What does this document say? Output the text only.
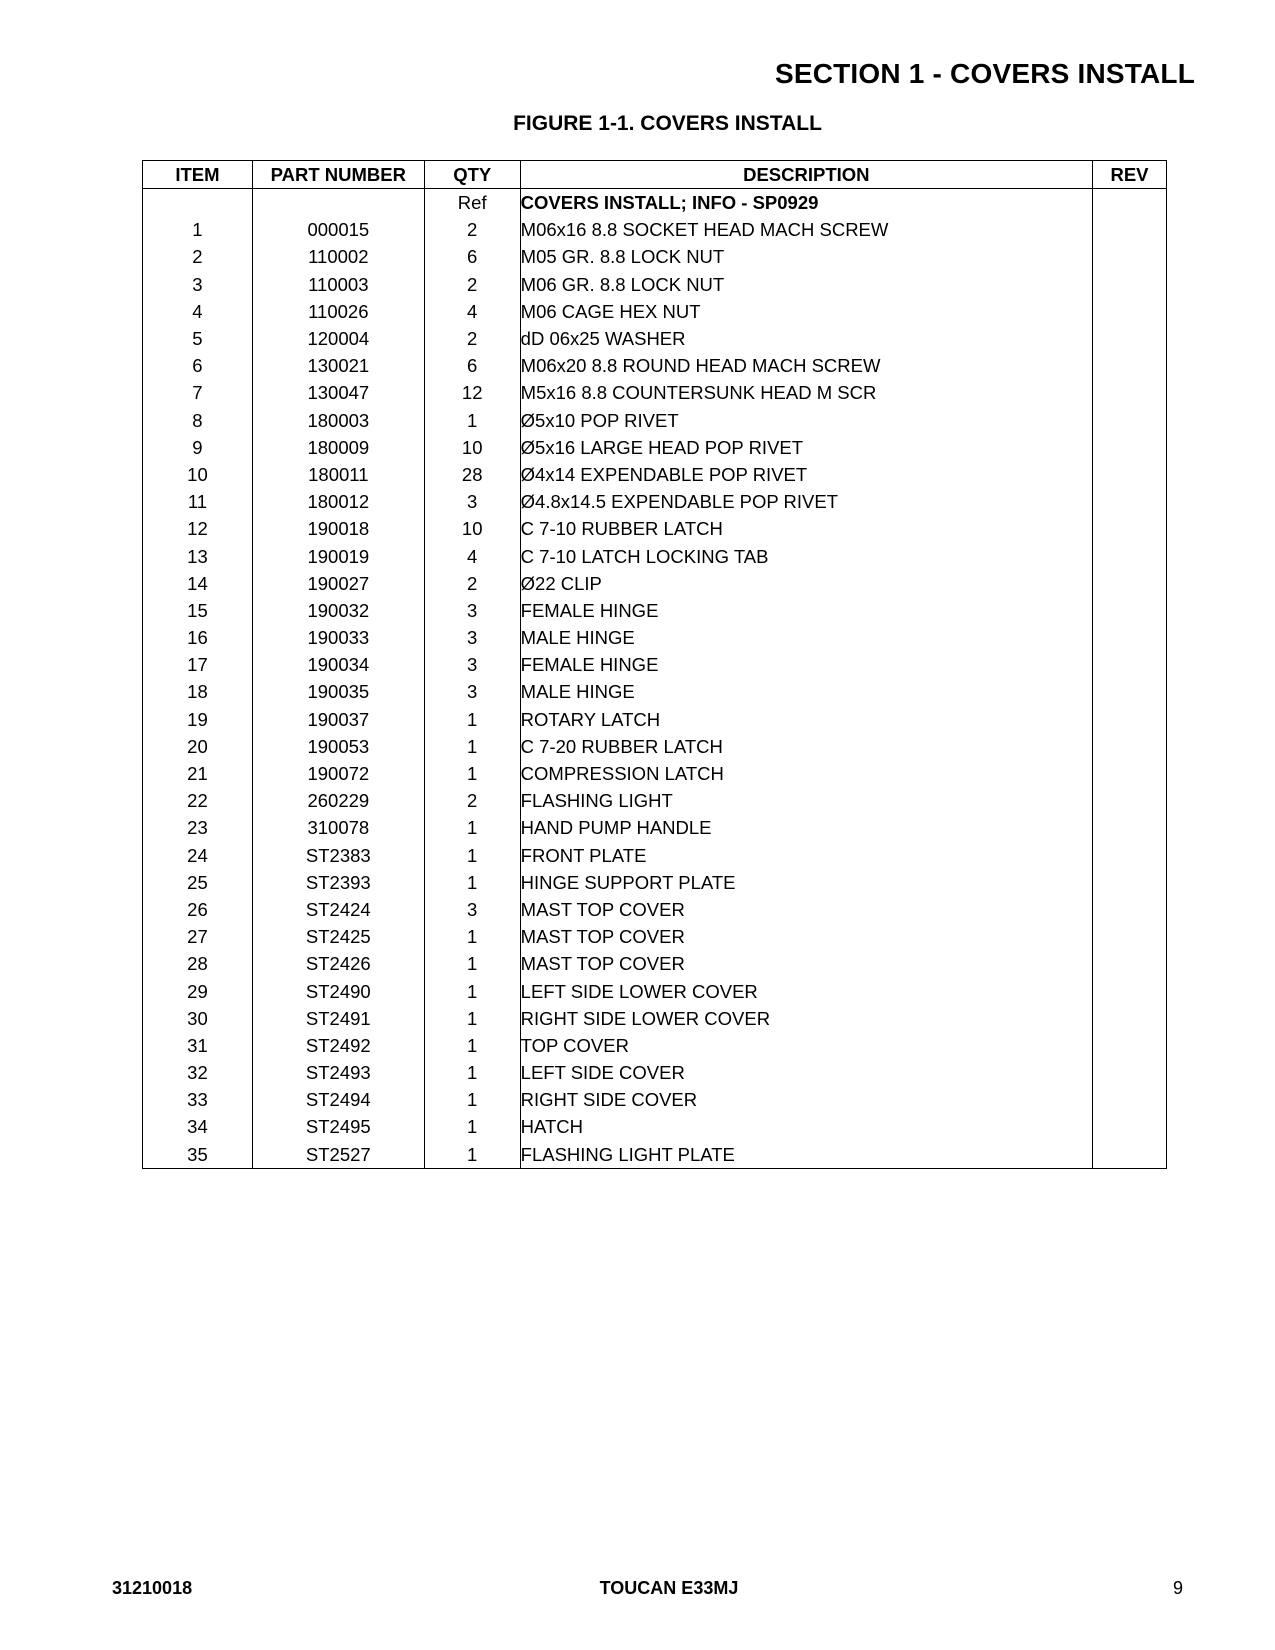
SECTION 1 - COVERS INSTALL
FIGURE 1-1. COVERS INSTALL
ITEM	PART NUMBER	QTY	DESCRIPTION	REV
		Ref	COVERS INSTALL; INFO - SP0929	
1	000015	2	M06x16 8.8 SOCKET HEAD MACH SCREW	
2	110002	6	M05 GR. 8.8 LOCK NUT	
3	110003	2	M06 GR. 8.8 LOCK NUT	
4	110026	4	M06 CAGE HEX NUT	
5	120004	2	dD 06x25 WASHER	
6	130021	6	M06x20 8.8 ROUND HEAD MACH SCREW	
7	130047	12	M5x16 8.8 COUNTERSUNK HEAD M SCR	
8	180003	1	Ø5x10 POP RIVET	
9	180009	10	Ø5x16 LARGE HEAD POP RIVET	
10	180011	28	Ø4x14 EXPENDABLE POP RIVET	
11	180012	3	Ø4.8x14.5 EXPENDABLE POP RIVET	
12	190018	10	C 7-10 RUBBER LATCH	
13	190019	4	C 7-10 LATCH LOCKING TAB	
14	190027	2	Ø22 CLIP	
15	190032	3	FEMALE HINGE	
16	190033	3	MALE HINGE	
17	190034	3	FEMALE HINGE	
18	190035	3	MALE HINGE	
19	190037	1	ROTARY LATCH	
20	190053	1	C 7-20 RUBBER LATCH	
21	190072	1	COMPRESSION LATCH	
22	260229	2	FLASHING LIGHT	
23	310078	1	HAND PUMP HANDLE	
24	ST2383	1	FRONT PLATE	
25	ST2393	1	HINGE SUPPORT PLATE	
26	ST2424	3	MAST TOP COVER	
27	ST2425	1	MAST TOP COVER	
28	ST2426	1	MAST TOP COVER	
29	ST2490	1	LEFT SIDE LOWER COVER	
30	ST2491	1	RIGHT SIDE LOWER COVER	
31	ST2492	1	TOP COVER	
32	ST2493	1	LEFT SIDE COVER	
33	ST2494	1	RIGHT SIDE COVER	
34	ST2495	1	HATCH	
35	ST2527	1	FLASHING LIGHT PLATE	
31210018	TOUCAN E33MJ	9
